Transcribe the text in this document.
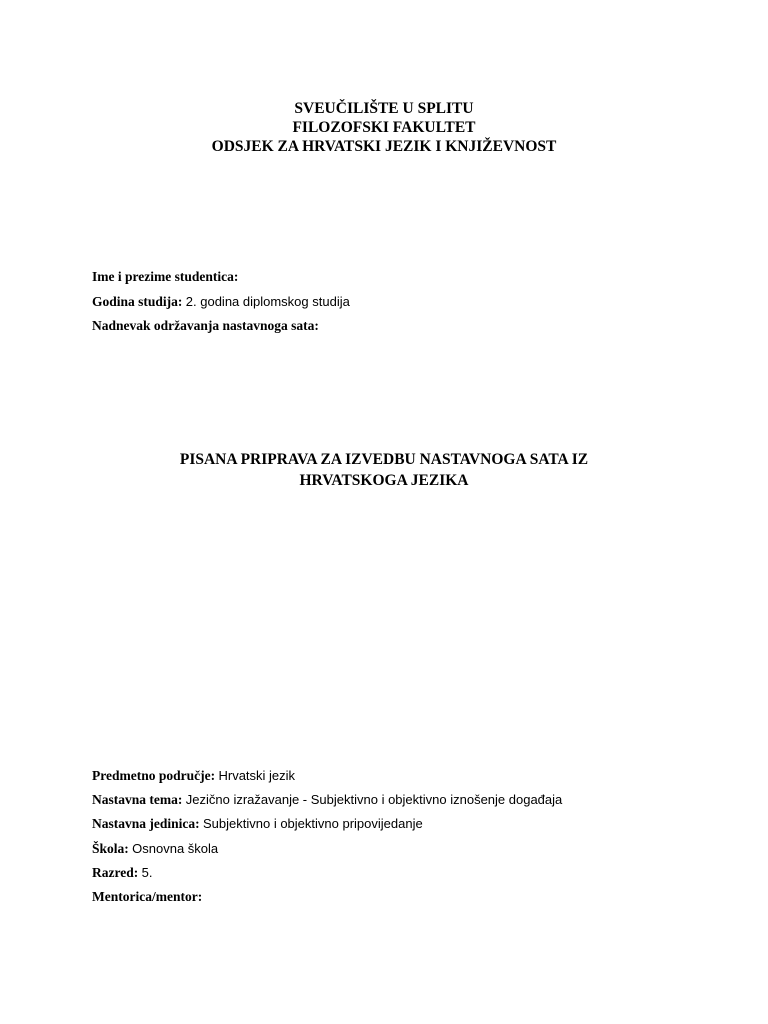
SVEUČILIŠTE U SPLITU
FILOZOFSKI FAKULTET
ODSJEK ZA HRVATSKI JEZIK I KNJIŽEVNOST
Ime i prezime studentica:
Godina studija: 2. godina diplomskog studija
Nadnevak održavanja nastavnoga sata:
PISANA PRIPRAVA ZA IZVEDBU NASTAVNOGA SATA IZ
HRVATSKOGA JEZIKA
Predmetno područje: Hrvatski jezik
Nastavna tema: Jezično izražavanje - Subjektivno i objektivno iznošenje događaja
Nastavna jedinica: Subjektivno i objektivno pripovijedanje
Škola: Osnovna škola
Razred: 5.
Mentorica/mentor:
